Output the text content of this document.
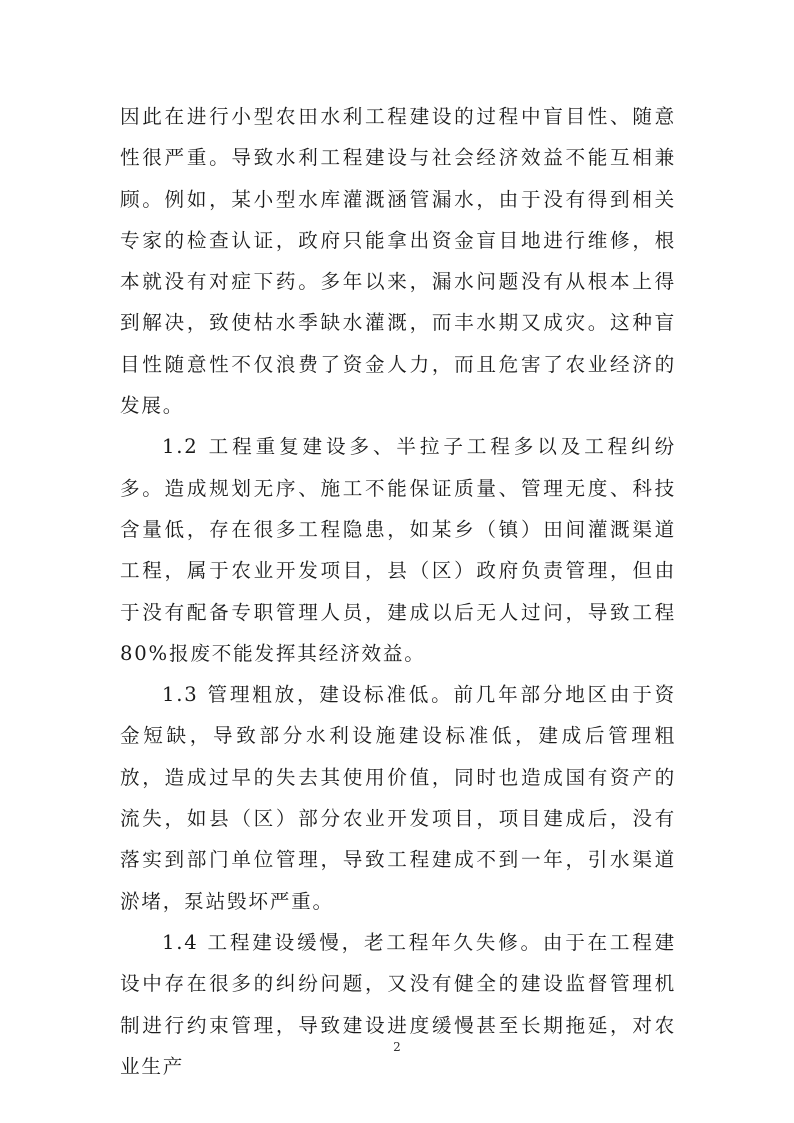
因此在进行小型农田水利工程建设的过程中盲目性、随意性很严重。导致水利工程建设与社会经济效益不能互相兼顾。例如，某小型水库灌溉涵管漏水，由于没有得到相关专家的检查认证，政府只能拿出资金盲目地进行维修，根本就没有对症下药。多年以来，漏水问题没有从根本上得到解决，致使枯水季缺水灌溉，而丰水期又成灾。这种盲目性随意性不仅浪费了资金人力，而且危害了农业经济的发展。

1.2 工程重复建设多、半拉子工程多以及工程纠纷多。造成规划无序、施工不能保证质量、管理无度、科技含量低，存在很多工程隐患，如某乡（镇）田间灌溉渠道工程，属于农业开发项目，县（区）政府负责管理，但由于没有配备专职管理人员，建成以后无人过问，导致工程 80%报废不能发挥其经济效益。

1.3 管理粗放，建设标准低。前几年部分地区由于资金短缺，导致部分水利设施建设标准低，建成后管理粗放，造成过早的失去其使用价值，同时也造成国有资产的流失，如县（区）部分农业开发项目，项目建成后，没有落实到部门单位管理，导致工程建成不到一年，引水渠道淤堵，泵站毁坏严重。

1.4 工程建设缓慢，老工程年久失修。由于在工程建设中存在很多的纠纷问题，又没有健全的建设监督管理机制进行约束管理，导致建设进度缓慢甚至长期拖延，对农业生产

2
